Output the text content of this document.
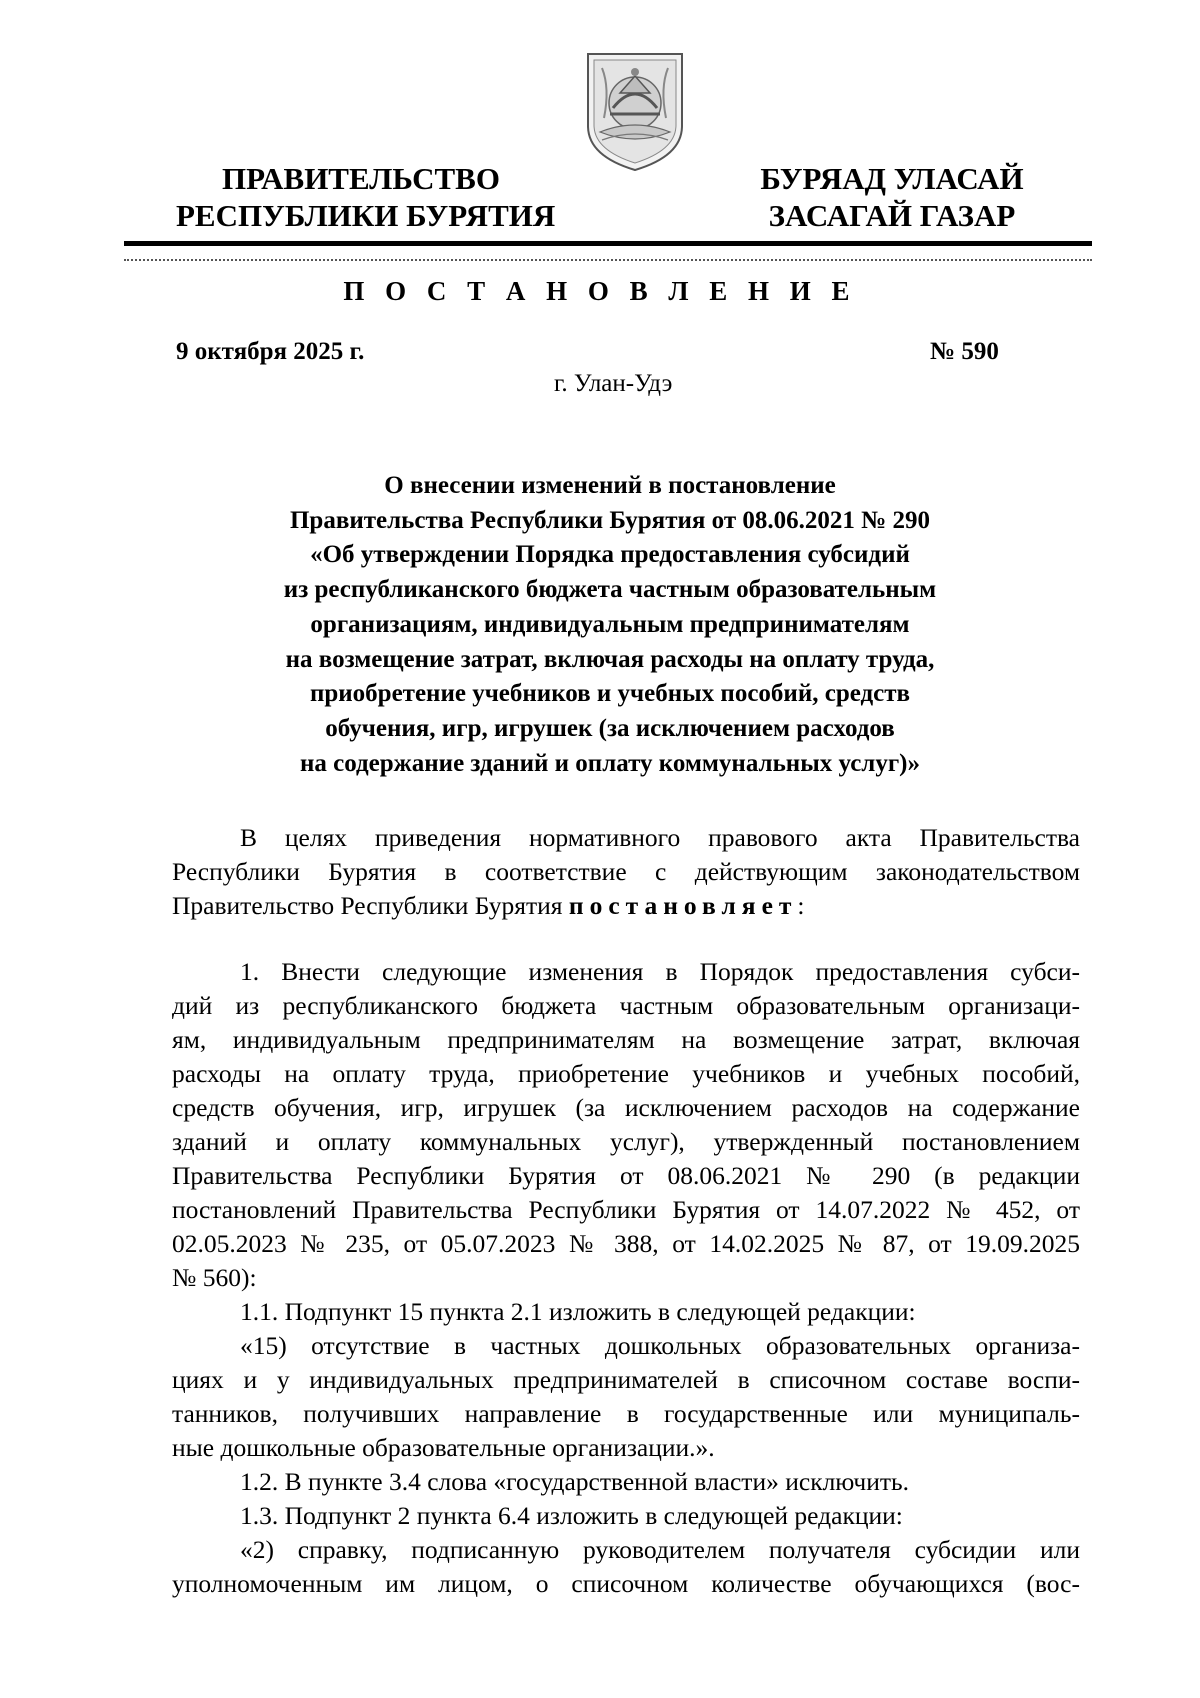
ПРАВИТЕЛЬСТВО
РЕСПУБЛИКИ БУРЯТИЯ
БУРЯАД УЛАСАЙ
ЗАСАГАЙ ГАЗАР
П О С Т А Н О В Л Е Н И Е
9 октября 2025 г.	№ 590
г. Улан-Удэ
О внесении изменений в постановление
Правительства Республики Бурятия от 08.06.2021 № 290
«Об утверждении Порядка предоставления субсидий
из республиканского бюджета частным образовательным
организациям, индивидуальным предпринимателям
на возмещение затрат, включая расходы на оплату труда,
приобретение учебников и учебных пособий, средств
обучения, игр, игрушек (за исключением расходов
на содержание зданий и оплату коммунальных услуг)»
В целях приведения нормативного правового акта Правительства
Республики Бурятия в соответствие с действующим законодательством
Правительство Республики Бурятия постановляет:
1. Внести следующие изменения в Порядок предоставления субси-
дий из республиканского бюджета частным образовательным организаци-
ям, индивидуальным предпринимателям на возмещение затрат, включая
расходы на оплату труда, приобретение учебников и учебных пособий,
средств обучения, игр, игрушек (за исключением расходов на содержание
зданий и оплату коммунальных услуг), утвержденный постановлением
Правительства Республики Бурятия от 08.06.2021 № 290 (в редакции
постановлений Правительства Республики Бурятия от 14.07.2022 № 452, от
02.05.2023 № 235, от 05.07.2023 № 388, от 14.02.2025 № 87, от 19.09.2025
№ 560):
1.1. Подпункт 15 пункта 2.1 изложить в следующей редакции:
«15) отсутствие в частных дошкольных образовательных организа-
циях и у индивидуальных предпринимателей в списочном составе воспи-
танников, получивших направление в государственные или муниципаль-
ные дошкольные образовательные организации.».
1.2. В пункте 3.4 слова «государственной власти» исключить.
1.3. Подпункт 2 пункта 6.4 изложить в следующей редакции:
«2) справку, подписанную руководителем получателя субсидии или
уполномоченным им лицом, о списочном количестве обучающихся (вос-
